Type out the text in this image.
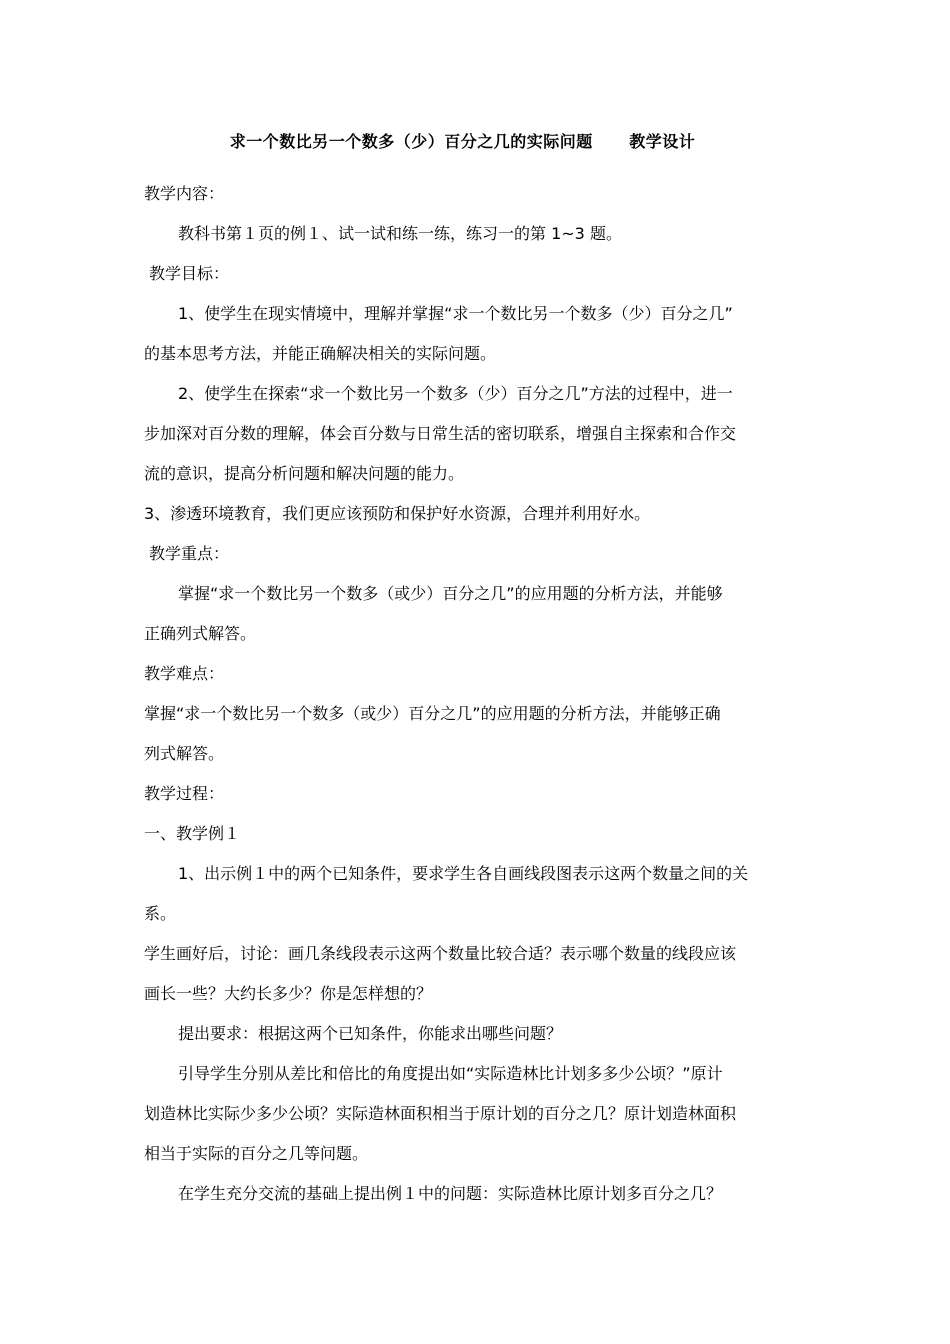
求一个数比另一个数多（少）百分之几的实际问题      教学设计
教学内容：
教科书第１页的例１、试一试和练一练，练习一的第 1~3 题。
教学目标：
1、使学生在现实情境中，理解并掌握“求一个数比另一个数多（少）百分之几”
的基本思考方法，并能正确解决相关的实际问题。
2、使学生在探索“求一个数比另一个数多（少）百分之几”方法的过程中，进一
步加深对百分数的理解，体会百分数与日常生活的密切联系，增强自主探索和合作交
流的意识，提高分析问题和解决问题的能力。
3、渗透环境教育，我们更应该预防和保护好水资源，合理并利用好水。
教学重点：
掌握“求一个数比另一个数多（或少）百分之几”的应用题的分析方法，并能够
正确列式解答。
教学难点：
掌握“求一个数比另一个数多（或少）百分之几”的应用题的分析方法，并能够正确
列式解答。
教学过程：
一、教学例１
1、出示例１中的两个已知条件，要求学生各自画线段图表示这两个数量之间的关
系。
学生画好后，讨论：画几条线段表示这两个数量比较合适？表示哪个数量的线段应该
画长一些？大约长多少？你是怎样想的？
提出要求：根据这两个已知条件，你能求出哪些问题？
引导学生分别从差比和倍比的角度提出如“实际造林比计划多多少公顷？”原计
划造林比实际少多少公顷？实际造林面积相当于原计划的百分之几？原计划造林面积
相当于实际的百分之几等问题。
在学生充分交流的基础上提出例１中的问题：实际造林比原计划多百分之几？
